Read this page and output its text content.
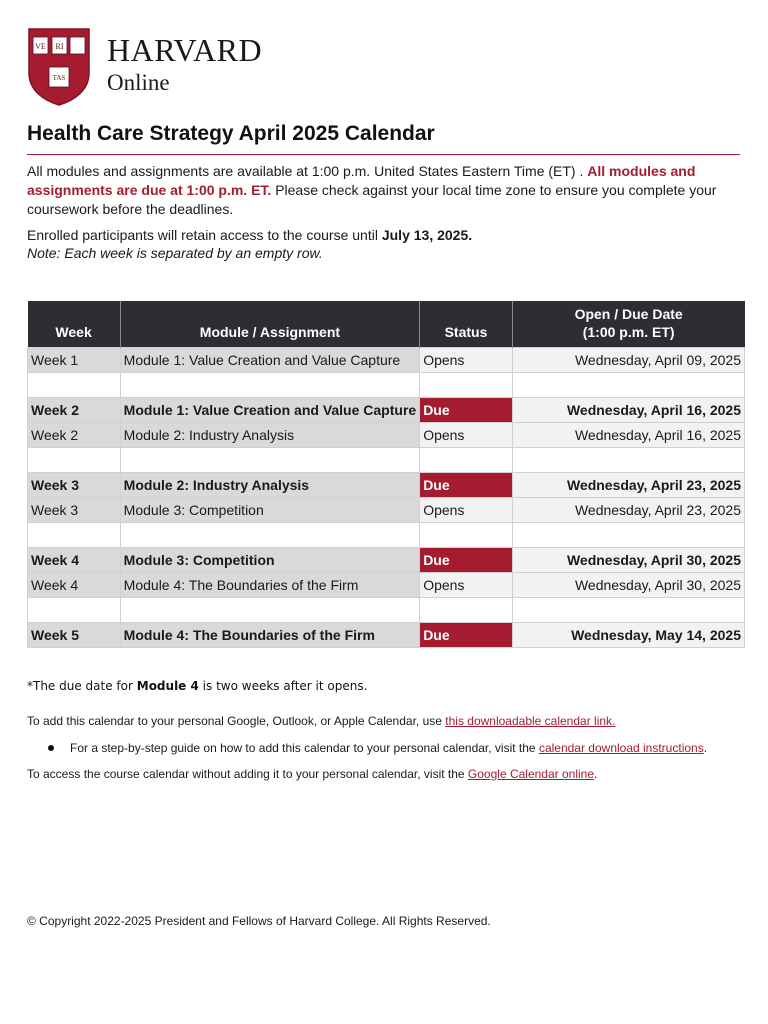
VE RI
TAS
HARVARD
Online
Health Care Strategy April 2025 Calendar
All modules and assignments are available at 1:00 p.m. United States Eastern Time (ET) . All modules and assignments are due at 1:00 p.m. ET. Please check against your local time zone to ensure you complete your coursework before the deadlines.
Enrolled participants will retain access to the course until July 13, 2025.
Note: Each week is separated by an empty row.
Week	Module / Assignment	Status	Open / Due Date
(1:00 p.m. ET)

Week 1	Module 1: Value Creation and Value Capture	Opens	Wednesday, April 09, 2025

Week 2	Module 1: Value Creation and Value Capture	Due	Wednesday, April 16, 2025
Week 2	Module 2: Industry Analysis	Opens	Wednesday, April 16, 2025

Week 3	Module 2: Industry Analysis	Due	Wednesday, April 23, 2025
Week 3	Module 3: Competition	Opens	Wednesday, April 23, 2025

Week 4	Module 3: Competition	Due	Wednesday, April 30, 2025
Week 4	Module 4: The Boundaries of the Firm	Opens	Wednesday, April 30, 2025

Week 5	Module 4: The Boundaries of the Firm	Due	Wednesday, May 14, 2025
*The due date for Module 4 is two weeks after it opens.
To add this calendar to your personal Google, Outlook, or Apple Calendar, use this downloadable calendar link.
For a step-by-step guide on how to add this calendar to your personal calendar, visit the calendar download instructions.
To access the course calendar without adding it to your personal calendar, visit the Google Calendar online.
© Copyright 2022-2025 President and Fellows of Harvard College. All Rights Reserved.
